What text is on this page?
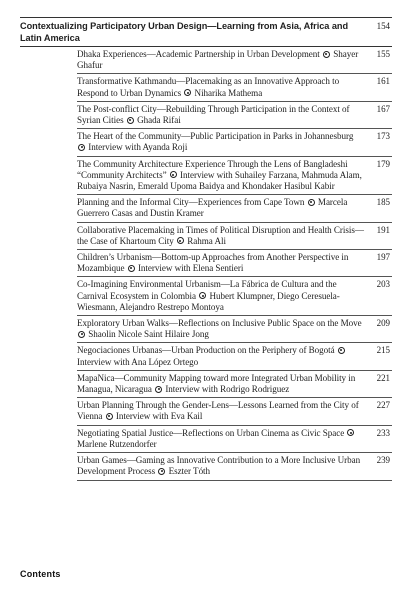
Contextualizing Participatory Urban Design—Learning from Asia, Africa and Latin America
154
Dhaka Experiences—Academic Partnership in Urban Development Shayer Ghafur
155
Transformative Kathmandu—Placemaking as an Innovative Approach to Respond to Urban Dynamics Niharika Mathema
161
The Post-conflict City—Rebuilding Through Participation in the Context of Syrian Cities Ghada Rifai
167
The Heart of the Community—Public Participation in Parks in Johannesburg  Interview with Ayanda Roji
173
The Community Architecture Experience Through the Lens of Bangladeshi “Community Architects” Interview with Suhailey Farzana, Mahmuda Alam, Rubaiya Nasrin, Emerald Upoma Baidya and Khondaker Hasibul Kabir
179
Planning and the Informal City—Experiences from Cape Town Marcela Guerrero Casas and Dustin Kramer
185
Collaborative Placemaking in Times of Political Disruption and Health Crisis—the Case of Khartoum City Rahma Ali
191
Children’s Urbanism—Bottom-up Approaches from Another Perspective in Mozambique Interview with Elena Sentieri
197
Co-Imagining Environmental Urbanism—La Fábrica de Cultura and the Carnival Ecosystem in Colombia Hubert Klumpner, Diego Ceresuela-Wiesmann, Alejandro Restrepo Montoya
203
Exploratory Urban Walks—Reflections on Inclusive Public Space on the Move  Shaolin Nicole Saint Hilaire Jong
209
Negociaciones Urbanas—Urban Production on the Periphery of Bogotá  Interview with Ana López Ortego
215
MapaNica—Community Mapping toward more Integrated Urban Mobility in Managua, Nicaragua Interview with Rodrigo Rodriguez
221
Urban Planning Through the Gender-Lens—Lessons Learned from the City of Vienna Interview with Eva Kail
227
Negotiating Spatial Justice—Reflections on Urban Cinema as Civic Space  Marlene Rutzendorfer
233
Urban Games—Gaming as Innovative Contribution to a More Inclusive Urban Development Process Eszter Tóth
239
Contents
